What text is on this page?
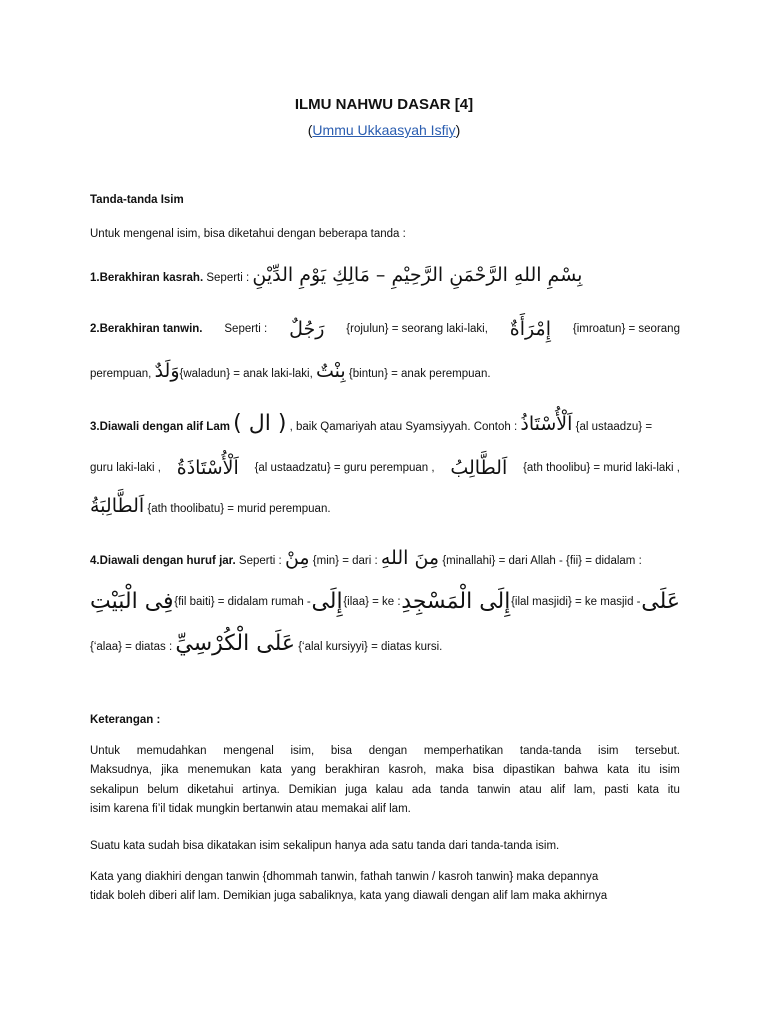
ILMU NAHWU DASAR [4]
(Ummu Ukkaasyah Isfiy)
Tanda-tanda Isim
Untuk mengenal isim, bisa diketahui dengan beberapa tanda :
1.Berakhiran kasrah. Seperti : بِسْمِ اللهِ الرَّحْمَنِ الرَّحِيْمِ – مَالِكِ يَوْمِ الدِّيْنِ
2.Berakhiran tanwin. Seperti : رَجُلٌ {rojulun} = seorang laki-laki, إِمْرَأَةٌ {imroatun} = seorang
perempuan, وَلَدٌ{waladun} = anak laki-laki, بِنْتٌ {bintun} = anak perempuan.
3.Diawali dengan alif Lam ( ال ) , baik Qamariyah atau Syamsiyyah. Contoh : اَلْأُسْتَاذُ {al ustaadzu} =
guru laki-laki , اَلْأُسْتَاذَةُ {al ustaadzatu} = guru perempuan , اَلطَّالِبُ {ath thoolibu} = murid laki-laki ,
اَلطَّالِبَةُ {ath thoolibatu} = murid perempuan.
4.Diawali dengan huruf jar. Seperti : مِنْ {min} = dari : مِنَ اللهِ {minallahi} = dari Allah - {fii} = didalam :
فِى الْبَيْتِ {fil baiti} = didalam rumah - إِلَى {ilaa} = ke : إِلَى الْمَسْجِدِ {ilal masjidi} = ke masjid - عَلَى
{‘alaa} = diatas : عَلَى الْكُرْسِيِّ {‘alal kursiyyi} = diatas kursi.
Keterangan :
Untuk memudahkan mengenal isim, bisa dengan memperhatikan tanda-tanda isim tersebut.
Maksudnya, jika menemukan kata yang berakhiran kasroh, maka bisa dipastikan bahwa kata itu isim
sekalipun belum diketahui artinya. Demikian juga kalau ada tanda tanwin atau alif lam, pasti kata itu
isim karena fi’il tidak mungkin bertanwin atau memakai alif lam.
Suatu kata sudah bisa dikatakan isim sekalipun hanya ada satu tanda dari tanda-tanda isim.
Kata yang diakhiri dengan tanwin {dhommah tanwin, fathah tanwin / kasroh tanwin} maka depannya
tidak boleh diberi alif lam. Demikian juga sabaliknya, kata yang diawali dengan alif lam maka akhirnya
